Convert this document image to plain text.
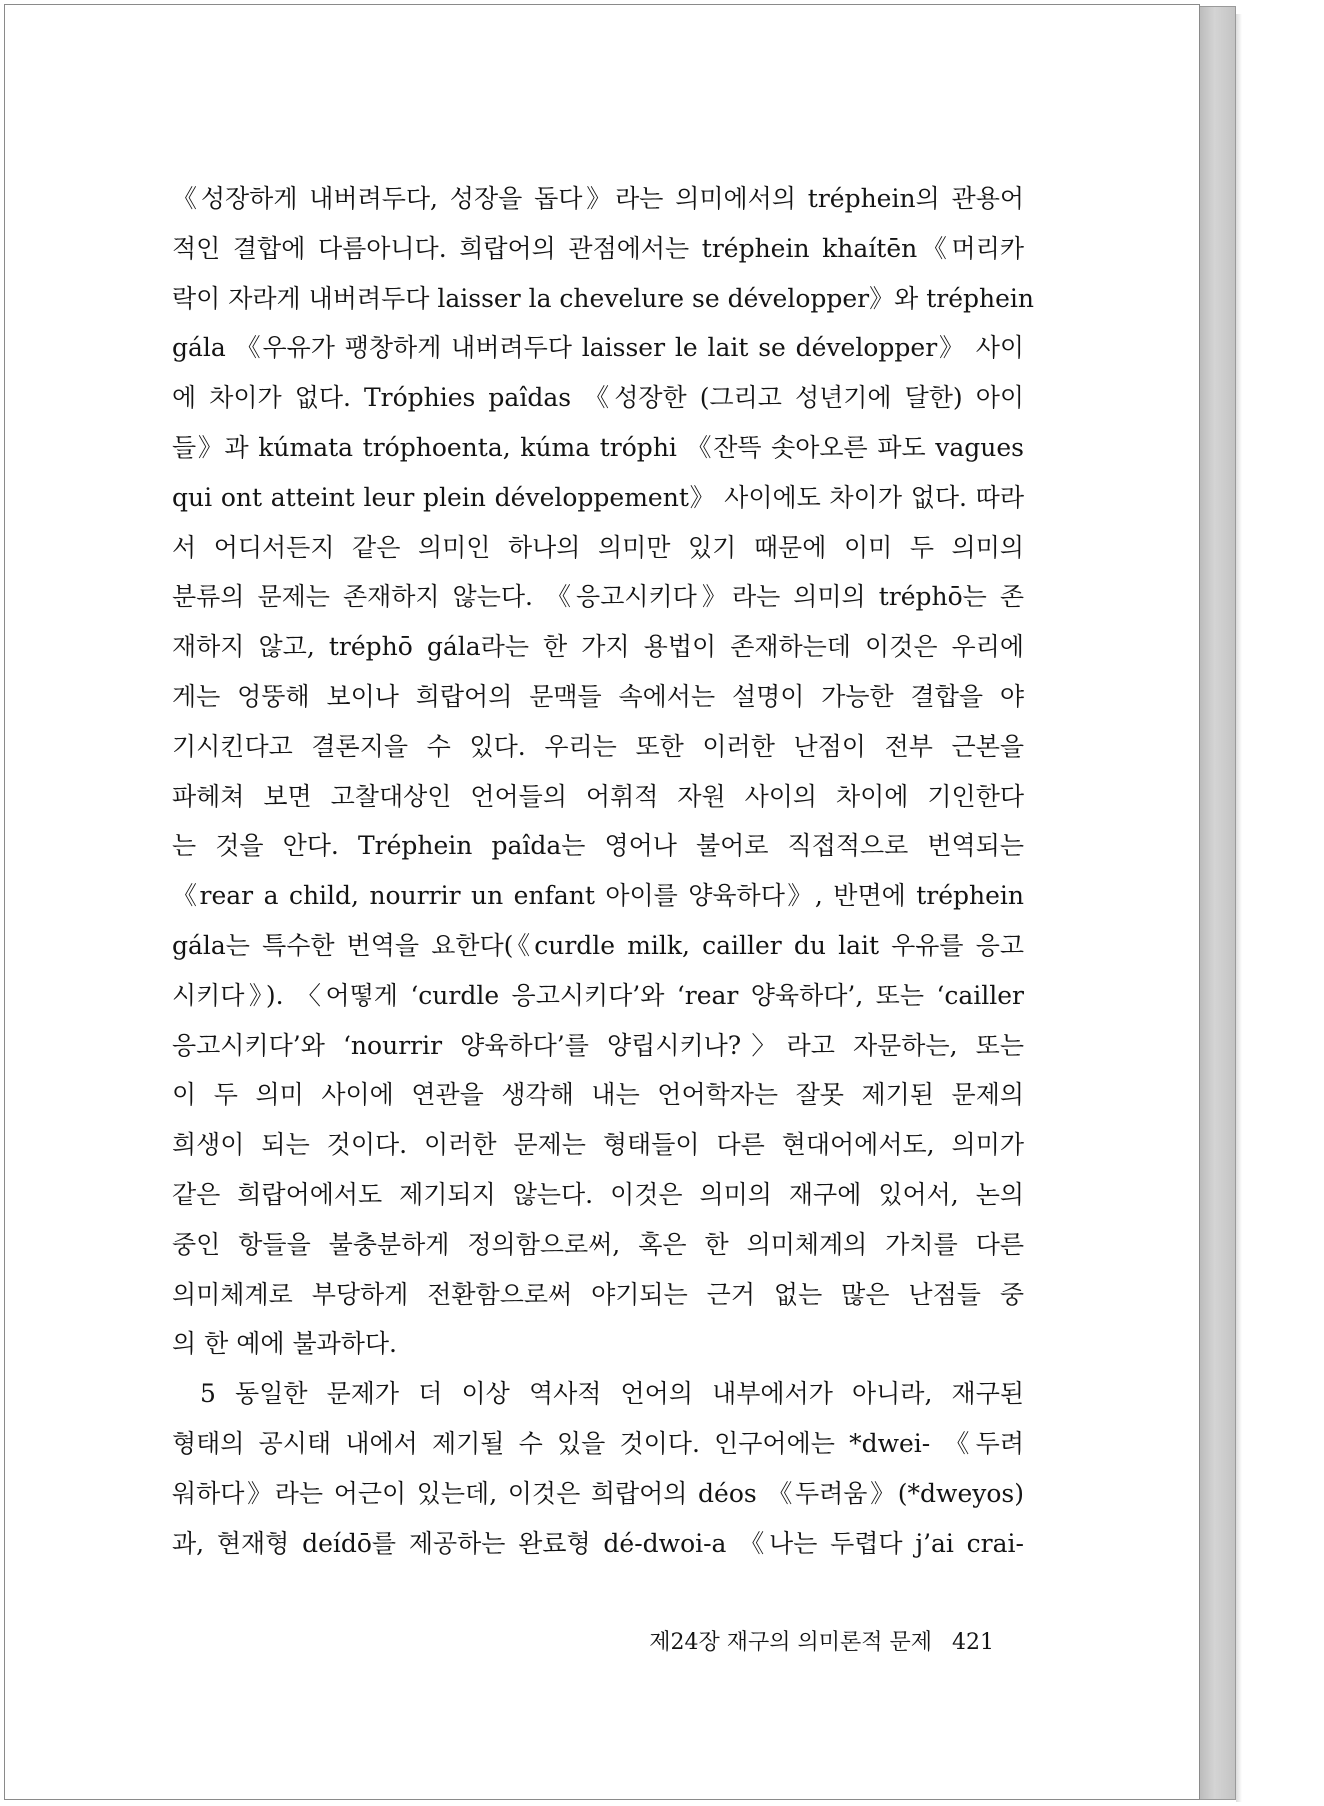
《성장하게 내버려두다, 성장을 돕다》라는 의미에서의 tréphein의 관용어
적인 결합에 다름아니다. 희랍어의 관점에서는 tréphein khaítēn《머리카
락이 자라게 내버려두다 laisser la chevelure se développer》와 tréphein
gála 《우유가 팽창하게 내버려두다 laisser le lait se développer》 사이
에 차이가 없다. Tróphies paîdas 《성장한 (그리고 성년기에 달한) 아이
들》과 kúmata tróphoenta, kúma tróphi 《잔뜩 솟아오른 파도 vagues
qui ont atteint leur plein développement》 사이에도 차이가 없다. 따라
서 어디서든지 같은 의미인 하나의 의미만 있기 때문에 이미 두 의미의
분류의 문제는 존재하지 않는다. 《응고시키다》라는 의미의 tréphō는 존
재하지 않고, tréphō gála라는 한 가지 용법이 존재하는데 이것은 우리에
게는 엉뚱해 보이나 희랍어의 문맥들 속에서는 설명이 가능한 결합을 야
기시킨다고 결론지을 수 있다. 우리는 또한 이러한 난점이 전부 근본을
파헤쳐 보면 고찰대상인 언어들의 어휘적 자원 사이의 차이에 기인한다
는 것을 안다. Tréphein paîda는 영어나 불어로 직접적으로 번역되는
《rear a child, nourrir un enfant 아이를 양육하다》, 반면에 tréphein
gála는 특수한 번역을 요한다(《curdle milk, cailler du lait 우유를 응고
시키다》). 〈어떻게 ‘curdle 응고시키다’와 ‘rear 양육하다’, 또는 ‘cailler
응고시키다’와 ‘nourrir 양육하다’를 양립시키나?〉라고 자문하는, 또는
이 두 의미 사이에 연관을 생각해 내는 언어학자는 잘못 제기된 문제의
희생이 되는 것이다. 이러한 문제는 형태들이 다른 현대어에서도, 의미가
같은 희랍어에서도 제기되지 않는다. 이것은 의미의 재구에 있어서, 논의
중인 항들을 불충분하게 정의함으로써, 혹은 한 의미체계의 가치를 다른
의미체계로 부당하게 전환함으로써 야기되는 근거 없는 많은 난점들 중
의 한 예에 불과하다.
5 동일한 문제가 더 이상 역사적 언어의 내부에서가 아니라, 재구된
형태의 공시태 내에서 제기될 수 있을 것이다. 인구어에는 *dwei- 《두려
워하다》라는 어근이 있는데, 이것은 희랍어의 déos 《두려움》(*dweyos)
과, 현재형 deídō를 제공하는 완료형 dé-dwoi-a 《나는 두렵다 j’ai crai-
제24장 재구의 의미론적 문제 421
